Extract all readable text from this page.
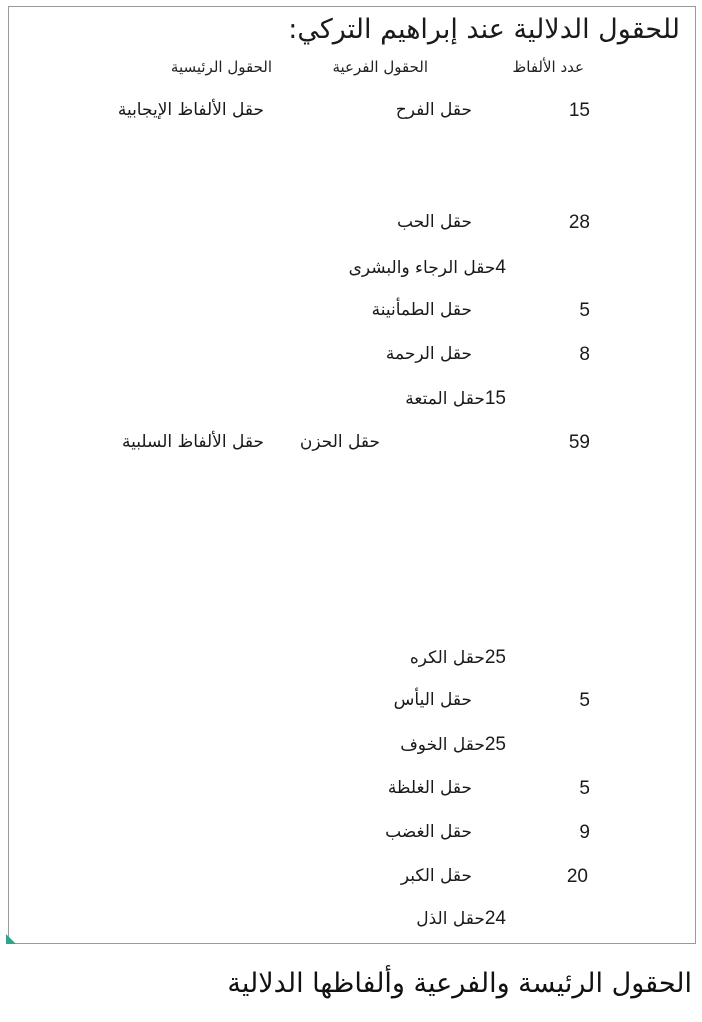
للحقول الدلالية عند إبراهيم التركي:
عدد الألفاظ
الحقول الفرعية
الحقول الرئيسية
15
حقل الفرح
حقل الألفاظ الإيجابية
28
حقل الحب
4حقل الرجاء والبشرى
5
حقل الطمأنينة
8
حقل الرحمة
15حقل المتعة
59
حقل الحزن
حقل الألفاظ السلبية
25حقل الكره
5
حقل اليأس
25حقل الخوف
5
حقل الغلظة
9
حقل الغضب
20
حقل الكبر
24حقل الذل
الحقول الرئيسة والفرعية وألفاظها الدلالية
